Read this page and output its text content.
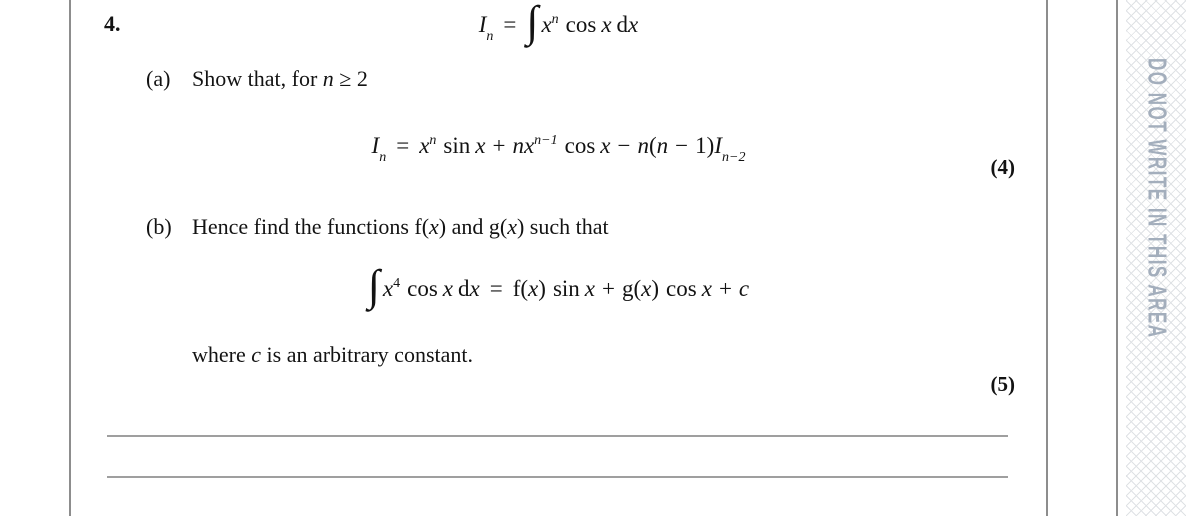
4.	$I_n$ = ∫ $x^n$ cos x dx
(a) Show that, for n ≥ 2
$I_n = x^n$ $\sin x + nx^{n-1}$ $\cos x - n(n - 1)I_{n-2}$	(4)
(b) Hence find the functions f(x) and g(x) such that
∫ $x^4$ cos x dx = f(x) sin x + g(x) cos x + c
where c is an arbitrary constant.
(5)
DO NOT WRITE IN THIS AREA
